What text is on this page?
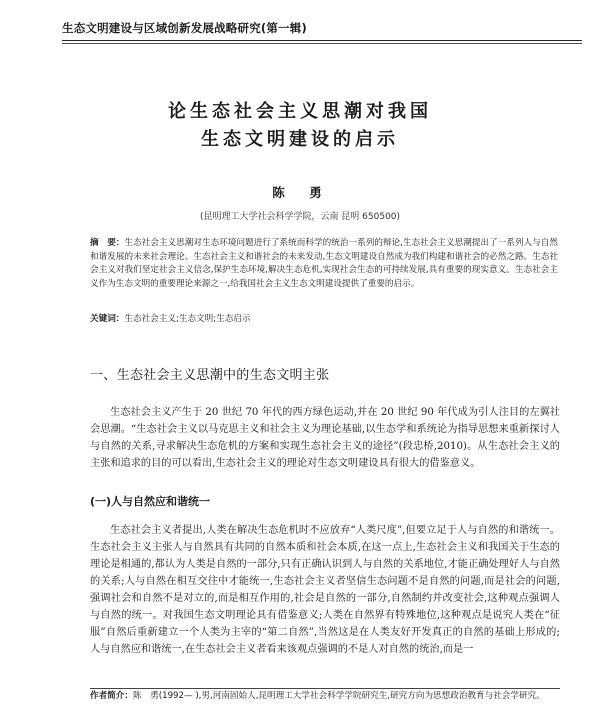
生态文明建设与区域创新发展战略研究(第一辑)
论生态社会主义思潮对我国
生态文明建设的启示
陈　勇
(昆明理工大学社会科学学院，云南 昆明 650500)
摘　要：生态社会主义思潮对生态环境问题进行了系统而科学的统治一系列的辩论,生态社会主义思潮提出了一系列人与自然和谐发展的未来社会理论。生态社会主义和谐社会的未来发动,生态文明建设自然成为我们构建和谐社会的必然之路。生态社会主义对我们坚定社会主义信念,保护生态环境,解决生态危机,实现社会生态的可持续发展,具有重要的现实意义。生态社会主义作为生态文明的重要理论来源之一,给我国社会主义生态文明建设提供了重要的启示。
关键词：生态社会主义;生态文明;生态启示
一、生态社会主义思潮中的生态文明主张
生态社会主义产生于 20 世纪 70 年代的西方绿色运动,并在 20 世纪 90 年代成为引人注目的左翼社会思潮。“生态社会主义以马克思主义和社会主义为理论基础,以生态学和系统论为指导思想来重新探讨人与自然的关系,寻求解决生态危机的方案和实现生态社会主义的途径”(段忠桥,2010)。从生态社会主义的主张和追求的目的可以看出,生态社会主义的理论对生态文明建设具有很大的借鉴意义。
(一)人与自然应和谐统一
生态社会主义者提出,人类在解决生态危机时不应放弃“人类尺度”,但要立足于人与自然的和谐统一。生态社会主义主张人与自然具有共同的自然本质和社会本质,在这一点上,生态社会主义和我国关于生态的理论是相通的,都认为人类是自然的一部分,只有正确认识到人与自然的关系地位,才能正确处理好人与自然的关系;人与自然在相互交往中才能统一,生态社会主义者坚信生态问题不是自然的问题,而是社会的问题,强调社会和自然不是对立的,而是相互作用的,社会是自然的一部分,自然制约并改变社会,这种观点强调人与自然的统一。对我国生态文明理论具有借鉴意义;人类在自然界有特殊地位,这种观点是说究人类在“征服”自然后重新建立一个人类为主宰的“第二自然”,当然这是在人类友好开发真正的自然的基础上形成的;人与自然应和谐统一,在生态社会主义者看来该观点强调的不是人对自然的统治,而是一
作者简介：陈　勇(1992— ),男,河南固始人,昆明理工大学社会科学学院研究生,研究方向为思想政治教育与社会学研究。
